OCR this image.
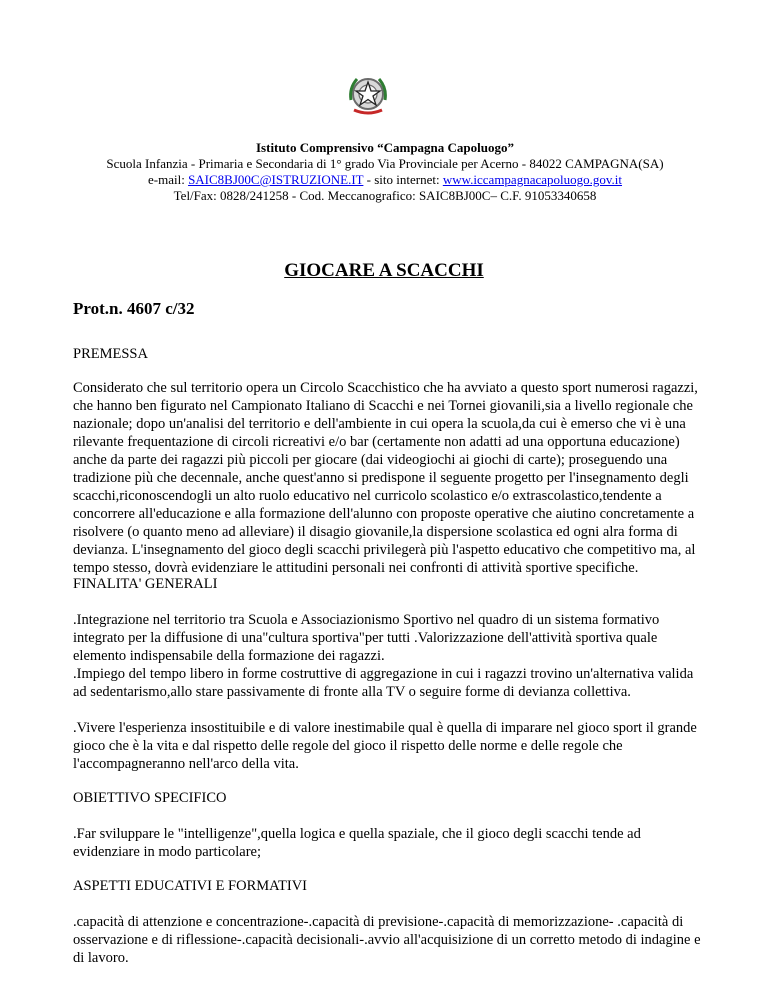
Istituto Comprensivo “Campagna Capoluogo”
Scuola Infanzia - Primaria e Secondaria di 1° grado Via Provinciale per Acerno - 84022 CAMPAGNA(SA)
e-mail: SAIC8BJ00C@ISTRUZIONE.IT - sito internet: www.iccampagnacapoluogo.gov.it
Tel/Fax: 0828/241258 - Cod. Meccanografico: SAIC8BJ00C– C.F. 91053340658
GIOCARE A SCACCHI
Prot.n. 4607 c/32
PREMESSA

Considerato che sul territorio opera un Circolo Scacchistico che ha avviato a questo sport numerosi ragazzi, che hanno ben figurato nel Campionato Italiano di Scacchi e nei Tornei giovanili,sia a livello regionale che nazionale; dopo un'analisi del territorio e dell'ambiente in cui opera la scuola,da cui è emerso che vi è una rilevante frequentazione di circoli ricreativi e/o bar (certamente non adatti ad una opportuna educazione) anche da parte dei ragazzi più piccoli per giocare (dai videogiochi ai giochi di carte); proseguendo una tradizione più che decennale, anche quest'anno si predispone il seguente progetto per l'insegnamento degli scacchi,riconoscendogli un alto ruolo educativo nel curricolo scolastico e/o extrascolastico,tendente a concorrere all'educazione e alla formazione dell'alunno con proposte operative che aiutino concretamente a risolvere (o quanto meno ad alleviare) il disagio giovanile,la dispersione scolastica ed ogni alra forma di devianza. L'insegnamento del gioco degli scacchi privilegerà più l'aspetto educativo che competitivo ma, al tempo stesso, dovrà evidenziare le attitudini personali nei confronti di attività sportive specifiche.

FINALITA' GENERALI

.Integrazione nel territorio tra Scuola e Associazionismo Sportivo nel quadro di un sistema formativo integrato per la diffusione di una"cultura sportiva"per tutti .Valorizzazione dell'attività sportiva quale elemento indispensabile della formazione dei ragazzi.

.Impiego del tempo libero in forme costruttive di aggregazione in cui i ragazzi trovino un'alternativa valida ad sedentarismo,allo stare passivamente di fronte alla TV o seguire forme di devianza collettiva.

.Vivere l'esperienza insostituibile e di valore inestimabile qual è quella di imparare nel gioco sport il grande gioco che è la vita e dal rispetto delle regole del gioco il rispetto delle norme e delle regole che l'accompagneranno nell'arco della vita.

OBIETTIVO SPECIFICO

.Far sviluppare le "intelligenze",quella logica e quella spaziale, che il gioco degli scacchi tende ad evidenziare in modo particolare;

ASPETTI EDUCATIVI E FORMATIVI

.capacità di attenzione e concentrazione-.capacità di previsione-.capacità di memorizzazione- .capacità di osservazione e di riflessione-.capacità decisionali-.avvio all'acquisizione di un corretto metodo di indagine e di lavoro.
